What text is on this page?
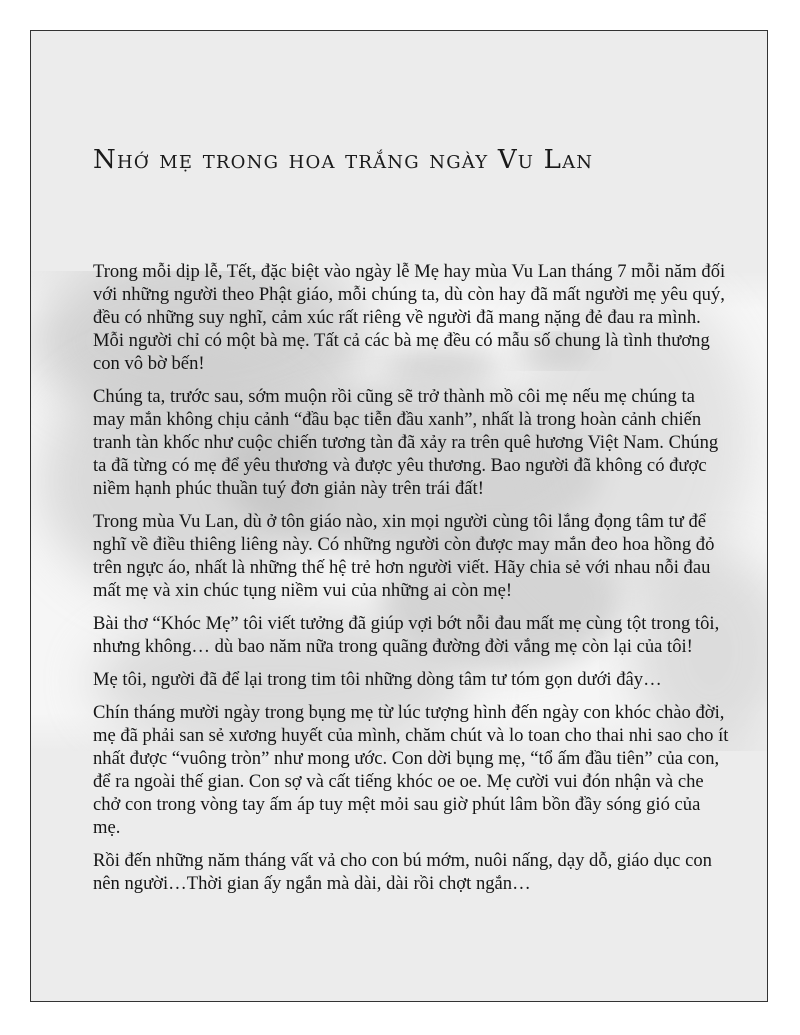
Nhớ mẹ trong hoa trắng ngày Vu Lan

Trong mỗi dịp lễ, Tết, đặc biệt vào ngày lễ Mẹ hay mùa Vu Lan tháng 7 mỗi năm đối với những người theo Phật giáo, mỗi chúng ta, dù còn hay đã mất người mẹ yêu quý, đều có những suy nghĩ, cảm xúc rất riêng về người đã mang nặng đẻ đau ra mình. Mỗi người chỉ có một bà mẹ. Tất cả các bà mẹ đều có mẫu số chung là tình thương con vô bờ bến!

Chúng ta, trước sau, sớm muộn rồi cũng sẽ trở thành mồ côi mẹ nếu mẹ chúng ta may mắn không chịu cảnh “đầu bạc tiễn đầu xanh”, nhất là trong hoàn cảnh chiến tranh tàn khốc như cuộc chiến tương tàn đã xảy ra trên quê hương Việt Nam. Chúng ta đã từng có mẹ để yêu thương và được yêu thương. Bao người đã không có được niềm hạnh phúc thuần tuý đơn giản này trên trái đất!

Trong mùa Vu Lan, dù ở tôn giáo nào, xin mọi người cùng tôi lắng đọng tâm tư để nghĩ về điều thiêng liêng này. Có những người còn được may mắn đeo hoa hồng đỏ trên ngực áo, nhất là những thế hệ trẻ hơn người viết. Hãy chia sẻ với nhau nỗi đau mất mẹ và xin chúc tụng niềm vui của những ai còn mẹ!

Bài thơ “Khóc Mẹ” tôi viết tưởng đã giúp vợi bớt nỗi đau mất mẹ cùng tột trong tôi, nhưng không… dù bao năm nữa trong quãng đường đời vắng mẹ còn lại của tôi!

Mẹ tôi, người đã để lại trong tim tôi những dòng tâm tư tóm gọn dưới đây…

Chín tháng mười ngày trong bụng mẹ từ lúc tượng hình đến ngày con khóc chào đời, mẹ đã phải san sẻ xương huyết của mình, chăm chút và lo toan cho thai nhi sao cho ít nhất được “vuông tròn” như mong ước. Con dời bụng mẹ, “tổ ấm đầu tiên” của con, để ra ngoài thế gian. Con sợ và cất tiếng khóc oe oe. Mẹ cười vui đón nhận và che chở con trong vòng tay ấm áp tuy mệt mỏi sau giờ phút lâm bồn đầy sóng gió của mẹ.

Rồi đến những năm tháng vất vả cho con bú mớm, nuôi nấng, dạy dỗ, giáo dục con nên người…Thời gian ấy ngắn mà dài, dài rồi chợt ngắn…
